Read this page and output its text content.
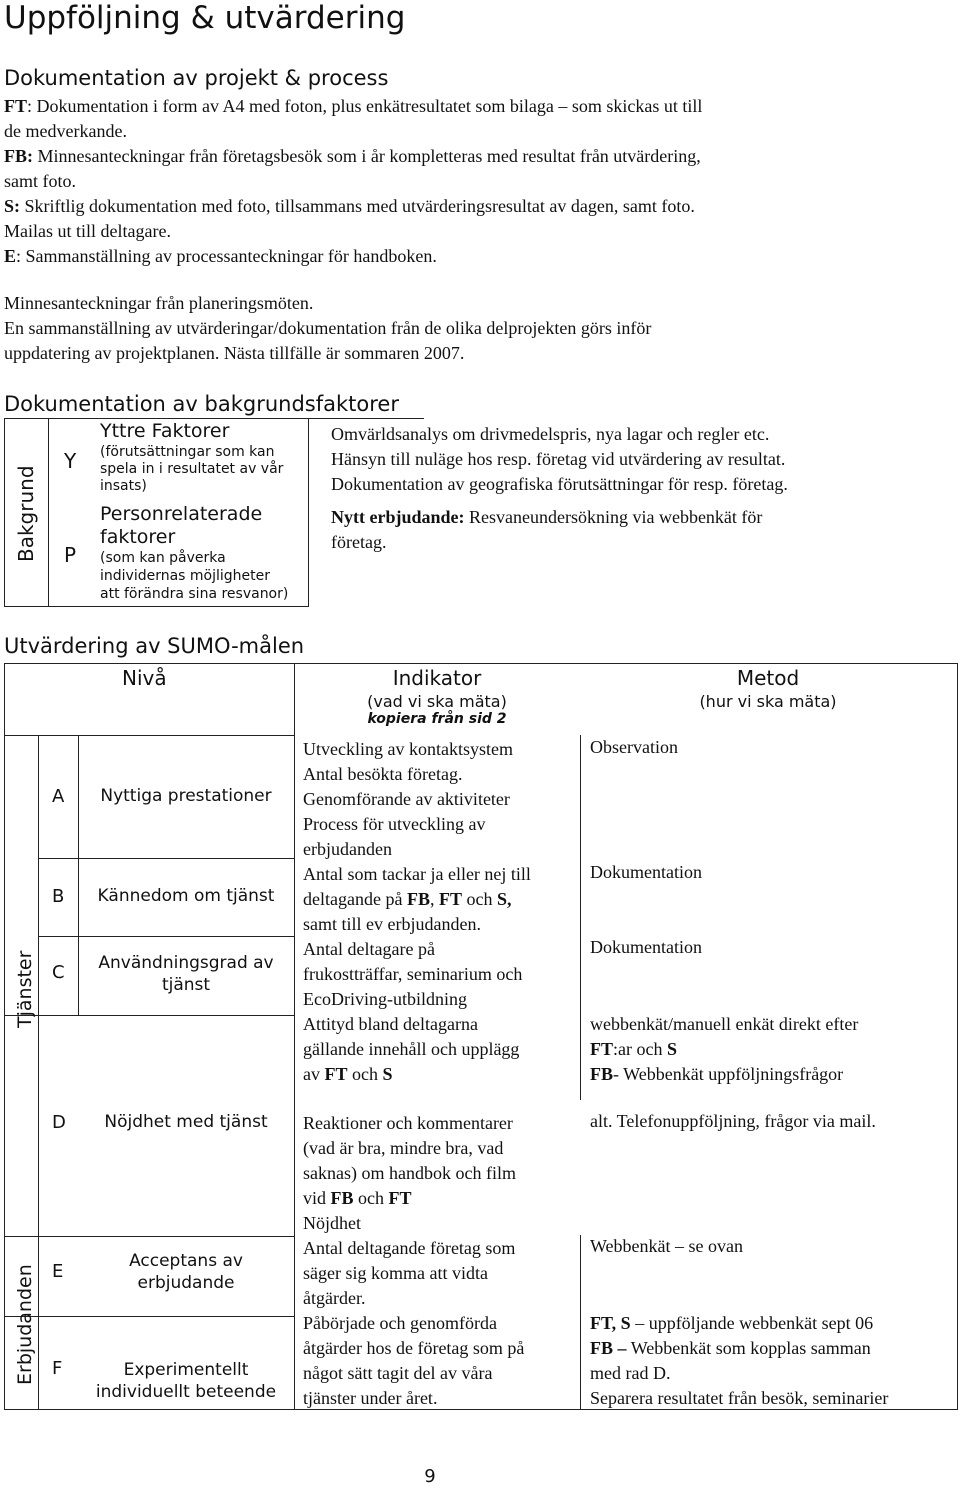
Uppföljning & utvärdering
Dokumentation av projekt & process
FT: Dokumentation i form av A4 med foton, plus enkätresultatet som bilaga – som skickas ut till
de medverkande.
FB: Minnesanteckningar från företagsbesök som i år kompletteras med resultat från utvärdering,
samt foto.
S: Skriftlig dokumentation med foto, tillsammans med utvärderingsresultat av dagen, samt foto.
Mailas ut till deltagare.
E: Sammanställning av processanteckningar för handboken.
Minnesanteckningar från planeringsmöten.
En sammanställning av utvärderingar/dokumentation från de olika delprojekten görs inför
uppdatering av projektplanen. Nästa tillfälle är sommaren 2007.
Dokumentation av bakgrundsfaktorer
Bakgrund
Y
P
Yttre Faktorer
(förutsättningar som kan
spela in i resultatet av vår
insats)
Personrelaterade
faktorer
(som kan påverka
individernas möjligheter
att förändra sina resvanor)
Omvärldsanalys om drivmedelspris, nya lagar och regler etc.
Hänsyn till nuläge hos resp. företag vid utvärdering av resultat.
Dokumentation av geografiska förutsättningar för resp. företag.
Nytt erbjudande: Resvaneundersökning via webbenkät för
företag.
Utvärdering av SUMO-målen
Nivå	Indikator
(vad vi ska mäta)
kopiera från sid 2
Metod
(hur vi ska mäta)
Tjänster
Erbjudanden
A
B
C
D
E
F
Nyttiga prestationer
Kännedom om tjänst
Användningsgrad av
tjänst
Nöjdhet med tjänst
Acceptans av
erbjudande
Experimentellt
individuellt beteende
Utveckling av kontaktsystem
Antal besökta företag.
Genomförande av aktiviteter
Process för utveckling av
erbjudanden
Antal som tackar ja eller nej till
deltagande på FB, FT och S,
samt till ev erbjudanden.
Antal deltagare på
frukostträffar, seminarium och
EcoDriving-utbildning
Attityd bland deltagarna
gällande innehåll och upplägg
av FT och S
Reaktioner och kommentarer
(vad är bra, mindre bra, vad
saknas) om handbok och film
vid FB och FT
Nöjdhet
Antal deltagande företag som
säger sig komma att vidta
åtgärder.
Påbörjade och genomförda
åtgärder hos de företag som på
något sätt tagit del av våra
tjänster under året.
Observation
Dokumentation
Dokumentation
webbenkät/manuell enkät direkt efter
FT:ar och S
FB- Webbenkät uppföljningsfrågor
alt. Telefonuppföljning, frågor via mail.
Webbenkät – se ovan
FT, S – uppföljande webbenkät sept 06
FB – Webbenkät som kopplas samman
med rad D.
Separera resultatet från besök, seminarier
9
